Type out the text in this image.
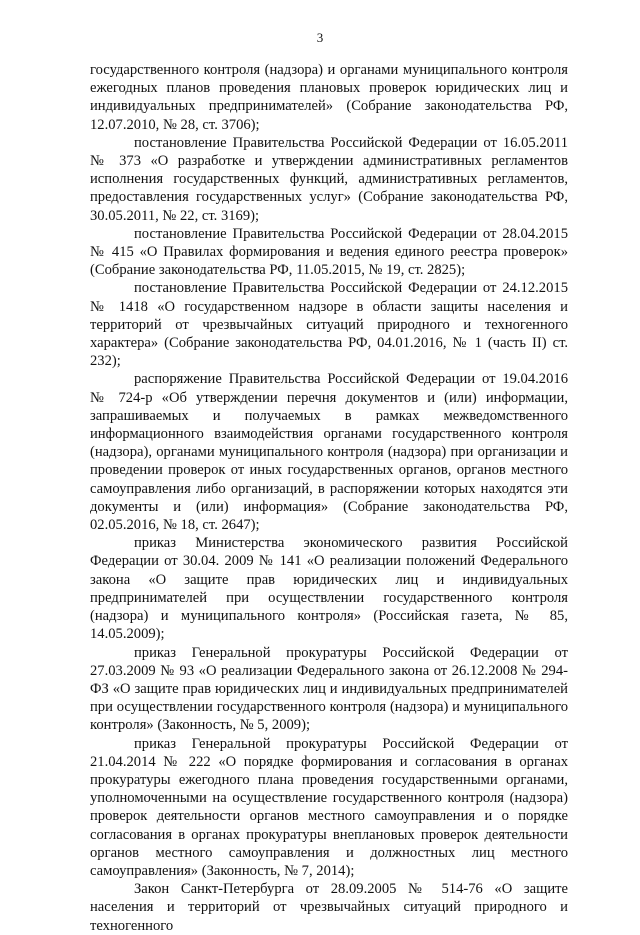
3

государственного контроля (надзора) и органами муниципального контроля ежегодных планов проведения плановых проверок юридических лиц и индивидуальных предпринимателей» (Собрание законодательства РФ, 12.07.2010, № 28, ст. 3706);

постановление Правительства Российской Федерации от 16.05.2011 № 373 «О разработке и утверждении административных регламентов исполнения государственных функций, административных регламентов, предоставления государственных услуг» (Собрание законодательства РФ, 30.05.2011, № 22, ст. 3169);

постановление Правительства Российской Федерации от 28.04.2015 № 415 «О Правилах формирования и ведения единого реестра проверок» (Собрание законодательства РФ, 11.05.2015, № 19, ст. 2825);

постановление Правительства Российской Федерации от 24.12.2015 № 1418 «О государственном надзоре в области защиты населения и территорий от чрезвычайных ситуаций природного и техногенного характера» (Собрание законодательства РФ, 04.01.2016, № 1 (часть II) ст. 232);

распоряжение Правительства Российской Федерации от 19.04.2016 № 724-р «Об утверждении перечня документов и (или) информации, запрашиваемых и получаемых в рамках межведомственного информационного взаимодействия органами государственного контроля (надзора), органами муниципального контроля (надзора) при организации и проведении проверок от иных государственных органов, органов местного самоуправления либо организаций, в распоряжении которых находятся эти документы и (или) информация» (Собрание законодательства РФ, 02.05.2016, № 18, ст. 2647);

приказ Министерства экономического развития Российской Федерации от 30.04. 2009 № 141 «О реализации положений Федерального закона «О защите прав юридических лиц и индивидуальных предпринимателей при осуществлении государственного контроля (надзора) и муниципального контроля» (Российская газета, № 85, 14.05.2009);

приказ Генеральной прокуратуры Российской Федерации от 27.03.2009 № 93 «О реализации Федерального закона от 26.12.2008 № 294-ФЗ «О защите прав юридических лиц и индивидуальных предпринимателей при осуществлении государственного контроля (надзора) и муниципального контроля» (Законность, № 5, 2009);

приказ Генеральной прокуратуры Российской Федерации от 21.04.2014 № 222 «О порядке формирования и согласования в органах прокуратуры ежегодного плана проведения государственными органами, уполномоченными на осуществление государственного контроля (надзора) проверок деятельности органов местного самоуправления и о порядке согласования в органах прокуратуры внеплановых проверок деятельности органов местного самоуправления и должностных лиц местного самоуправления» (Законность, № 7, 2014);

Закон Санкт-Петербурга от 28.09.2005 № 514-76 «О защите населения и территорий от чрезвычайных ситуаций природного и техногенного
